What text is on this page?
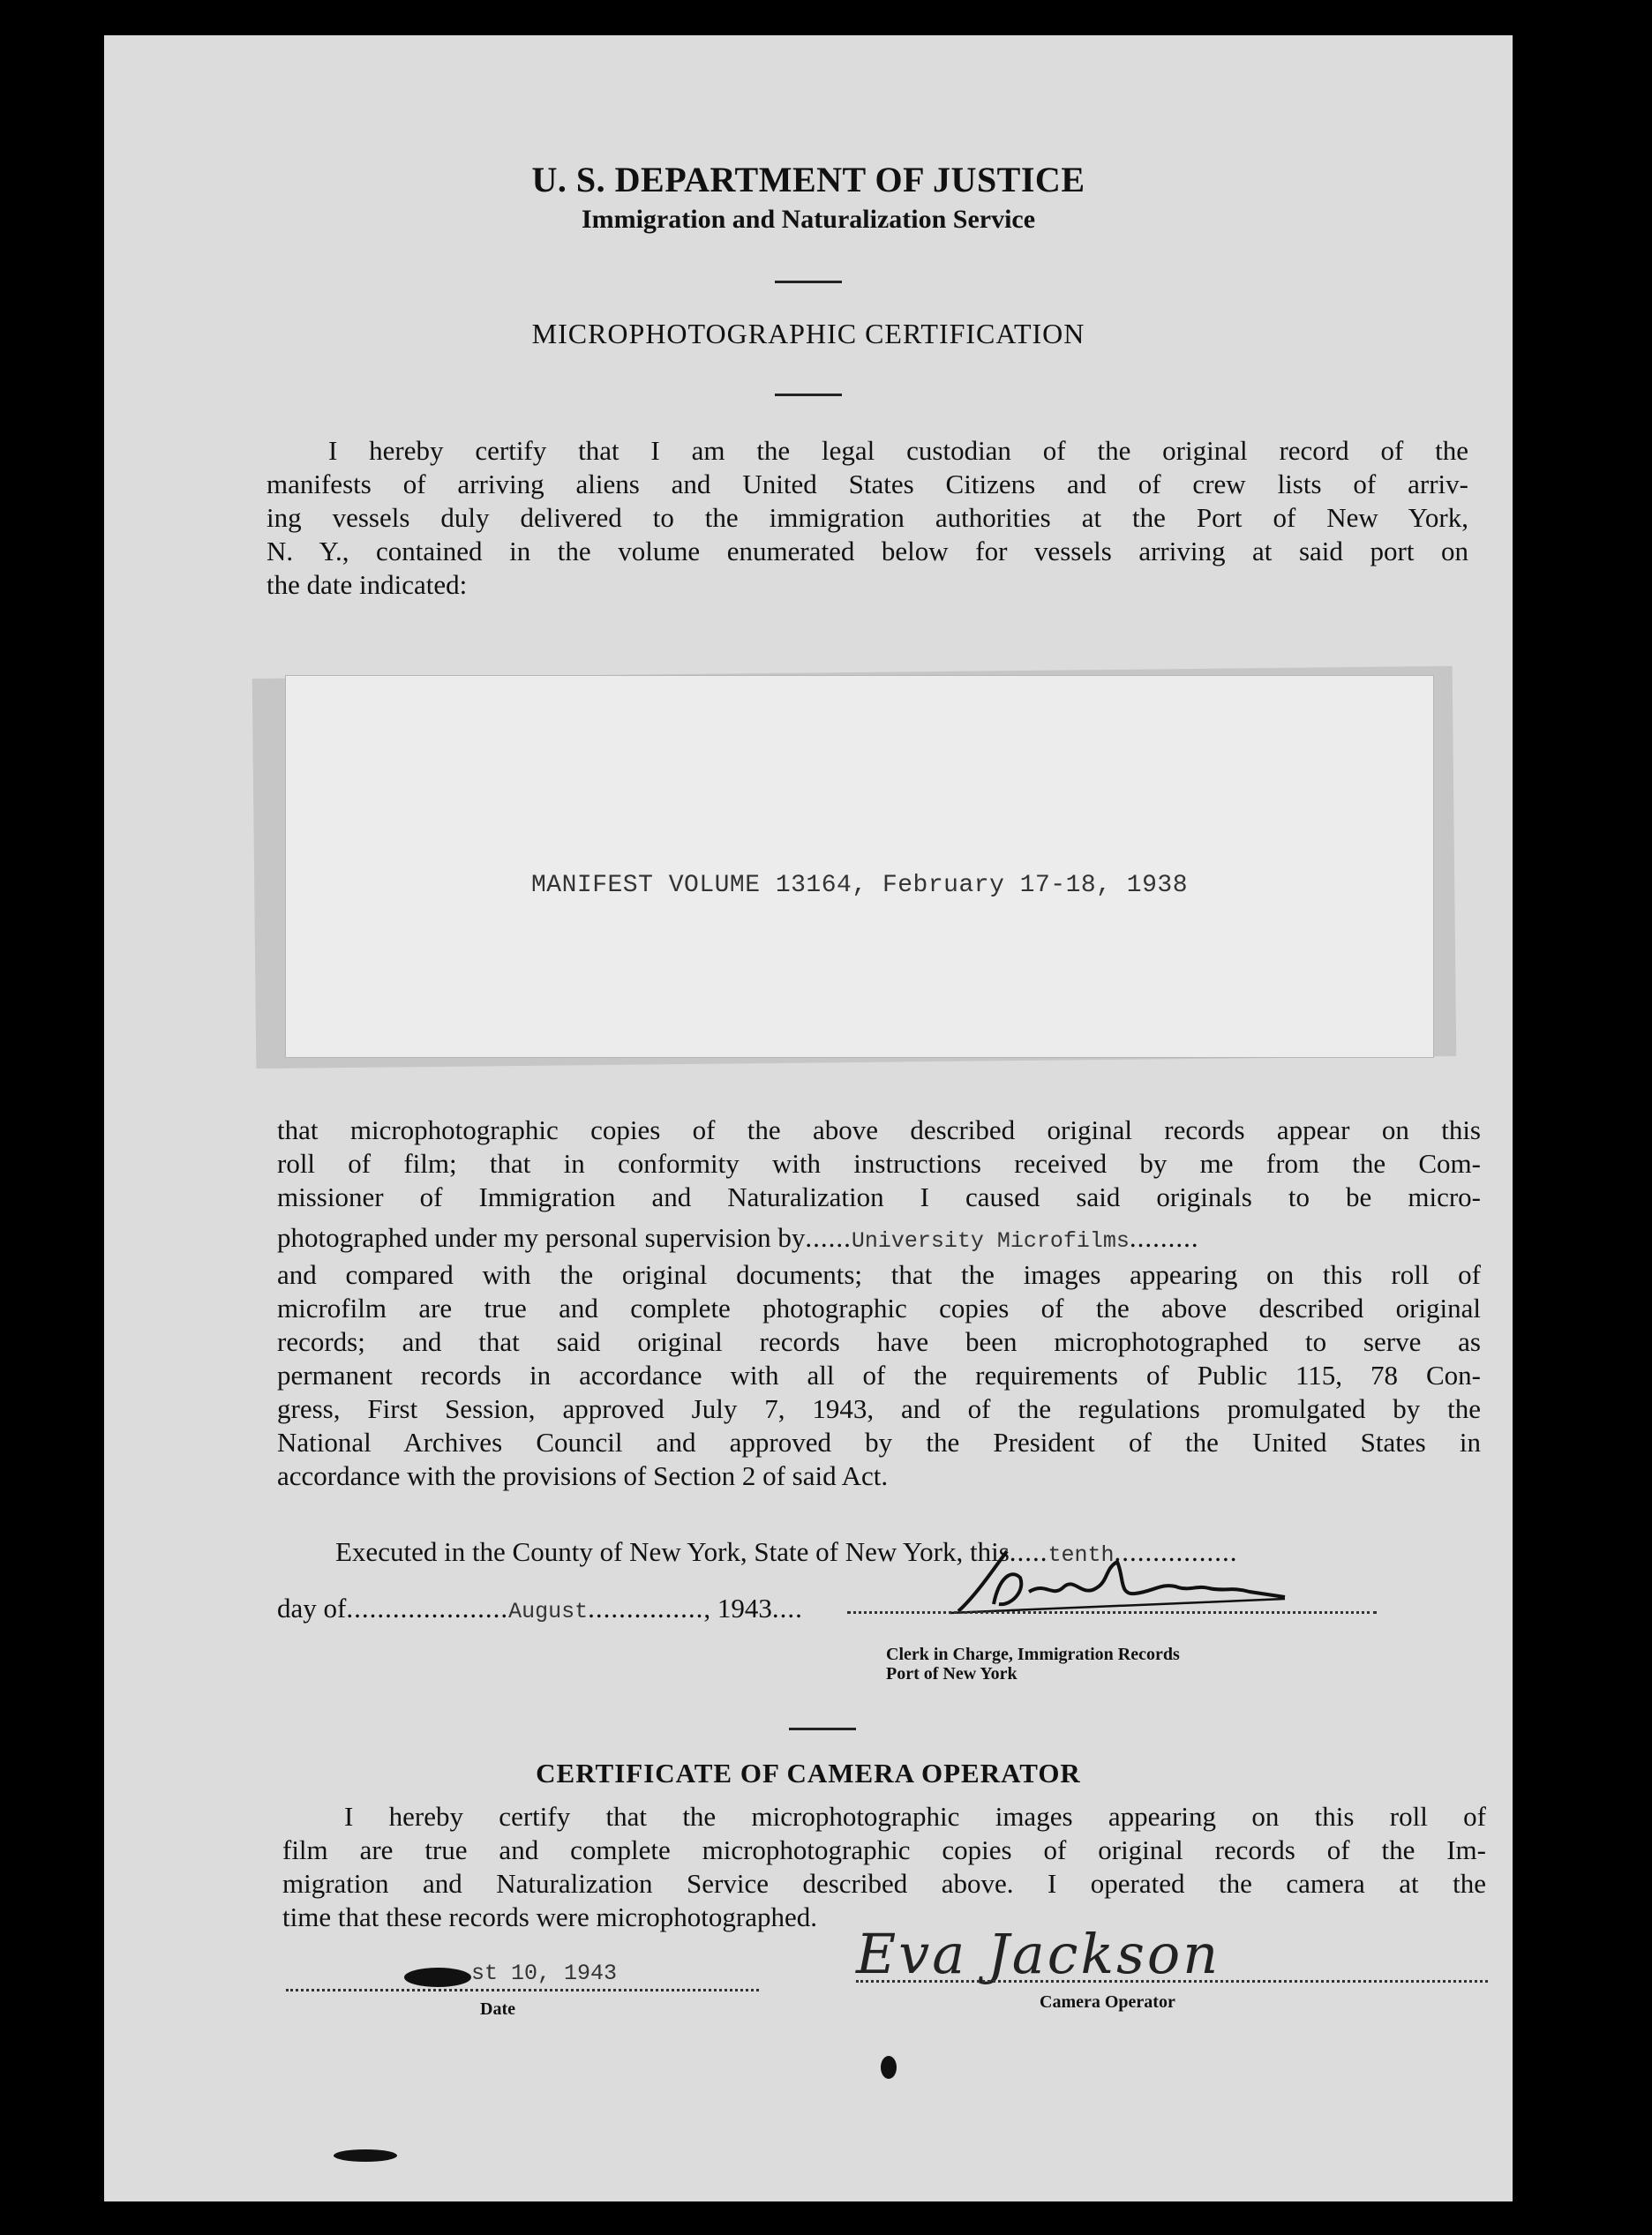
U. S. DEPARTMENT OF JUSTICE
Immigration and Naturalization Service
MICROPHOTOGRAPHIC CERTIFICATION
I hereby certify that I am the legal custodian of the original record of the
manifests of arriving aliens and United States Citizens and of crew lists of arriv-
ing vessels duly delivered to the immigration authorities at the Port of New York,
N. Y., contained in the volume enumerated below for vessels arriving at said port on
the date indicated:
MANIFEST VOLUME 13164, February 17-18, 1938
that microphotographic copies of the above described original records appear on this
roll of film; that in conformity with instructions received by me from the Com-
missioner of Immigration and Naturalization I caused said originals to be micro-
photographed under my personal supervision by......University Microfilms.........
and compared with the original documents; that the images appearing on this roll of
microfilm are true and complete photographic copies of the above described original
records; and that said original records have been microphotographed to serve as
permanent records in accordance with all of the requirements of Public 115, 78 Con-
gress, First Session, approved July 7, 1943, and of the regulations promulgated by the
National Archives Council and approved by the President of the United States in
accordance with the provisions of Section 2 of said Act.
Executed in the County of New York, State of New York, this.....tenth................
day of.....................August..............., 1943....
Clerk in Charge, Immigration Records
Port of New York
CERTIFICATE OF CAMERA OPERATOR
I hereby certify that the microphotographic images appearing on this roll of
film are true and complete microphotographic copies of original records of the Im-
migration and Naturalization Service described above. I operated the camera at the
time that these records were microphotographed.
st 10, 1943
Date
Eva Jackson
Camera Operator
